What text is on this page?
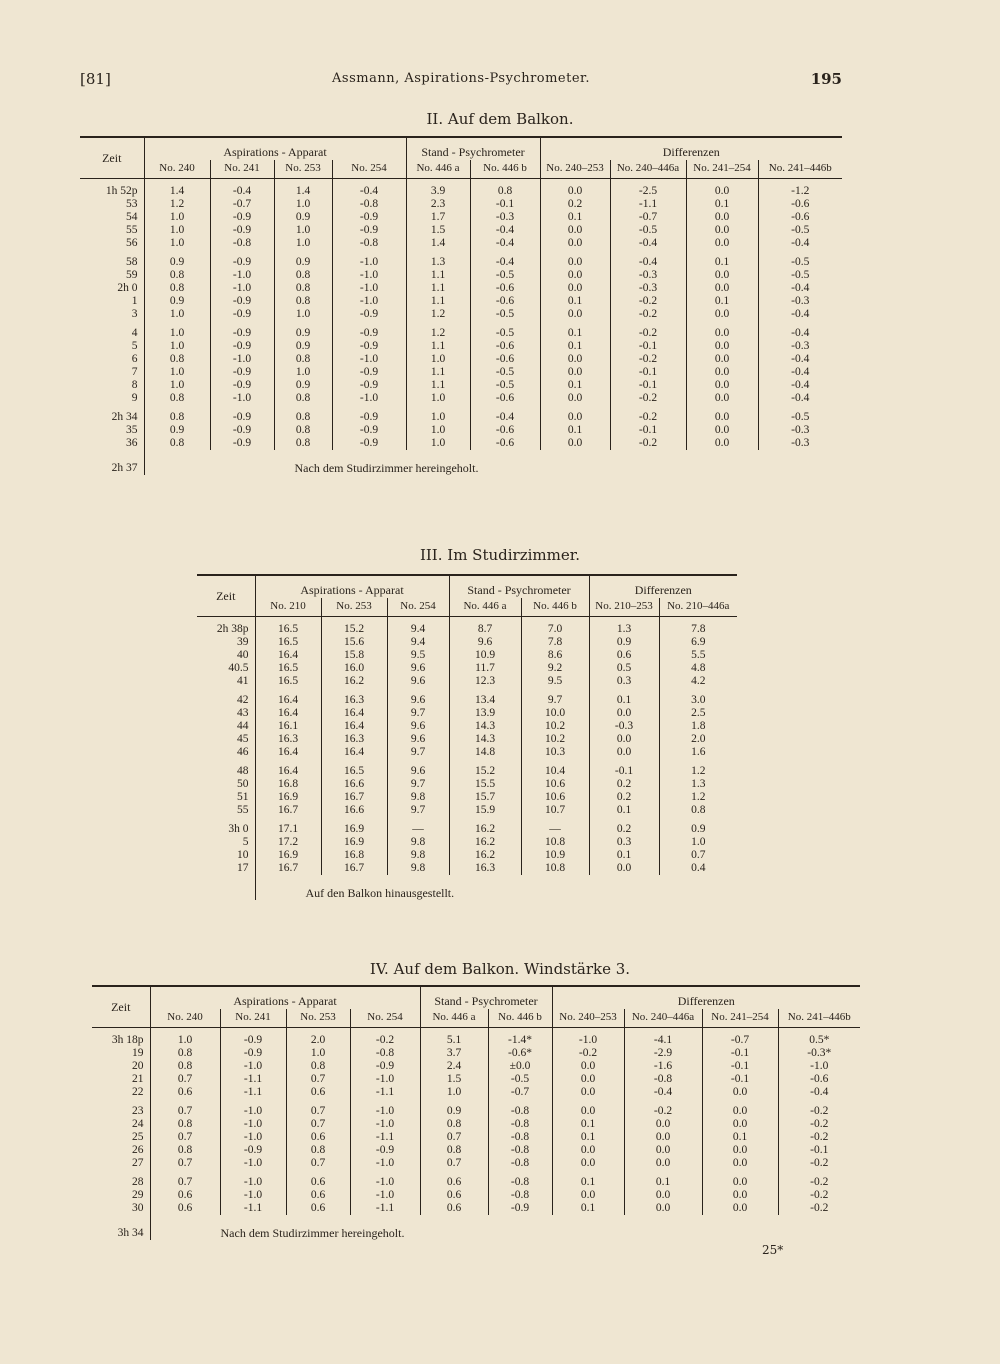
[81]	Assmann, Aspirations-Psychrometer.	195
II. Auf dem Balkon.
Zeit	Aspirations - Apparat				Stand - Psychrometer		Differenzen			
	No. 240	No. 241	No. 253	No. 254	No. 446 a	No. 446 b	No. 240–253	No. 240–446a	No. 241–254	No. 241–446b

1h 52p	1.4	-0.4	1.4	-0.4	3.9	0.8	0.0	-2.5	0.0	-1.2
53	1.2	-0.7	1.0	-0.8	2.3	-0.1	0.2	-1.1	0.1	-0.6
54	1.0	-0.9	0.9	-0.9	1.7	-0.3	0.1	-0.7	0.0	-0.6
55	1.0	-0.9	1.0	-0.9	1.5	-0.4	0.0	-0.5	0.0	-0.5
56	1.0	-0.8	1.0	-0.8	1.4	-0.4	0.0	-0.4	0.0	-0.4

58	0.9	-0.9	0.9	-1.0	1.3	-0.4	0.0	-0.4	0.1	-0.5
59	0.8	-1.0	0.8	-1.0	1.1	-0.5	0.0	-0.3	0.0	-0.5
2h 0	0.8	-1.0	0.8	-1.0	1.1	-0.6	0.0	-0.3	0.0	-0.4
1	0.9	-0.9	0.8	-1.0	1.1	-0.6	0.1	-0.2	0.1	-0.3
3	1.0	-0.9	1.0	-0.9	1.2	-0.5	0.0	-0.2	0.0	-0.4

4	1.0	-0.9	0.9	-0.9	1.2	-0.5	0.1	-0.2	0.0	-0.4
5	1.0	-0.9	0.9	-0.9	1.1	-0.6	0.1	-0.1	0.0	-0.3
6	0.8	-1.0	0.8	-1.0	1.0	-0.6	0.0	-0.2	0.0	-0.4
7	1.0	-0.9	1.0	-0.9	1.1	-0.5	0.0	-0.1	0.0	-0.4
8	1.0	-0.9	0.9	-0.9	1.1	-0.5	0.1	-0.1	0.0	-0.4
9	0.8	-1.0	0.8	-1.0	1.0	-0.6	0.0	-0.2	0.0	-0.4

2h 34	0.8	-0.9	0.8	-0.9	1.0	-0.4	0.0	-0.2	0.0	-0.5
35	0.9	-0.9	0.8	-0.9	1.0	-0.6	0.1	-0.1	0.0	-0.3
36	0.8	-0.9	0.8	-0.9	1.0	-0.6	0.0	-0.2	0.0	-0.3
2h 37	Nach dem Studirzimmer hereingeholt.									
III. Im Studirzimmer.
Zeit	Aspirations - Apparat			Stand - Psychrometer		Differenzen	
	No. 210	No. 253	No. 254	No. 446 a	No. 446 b	No. 210–253	No. 210–446a

2h 38p	16.5	15.2	9.4	8.7	7.0	1.3	7.8
39	16.5	15.6	9.4	9.6	7.8	0.9	6.9
40	16.4	15.8	9.5	10.9	8.6	0.6	5.5
40.5	16.5	16.0	9.6	11.7	9.2	0.5	4.8
41	16.5	16.2	9.6	12.3	9.5	0.3	4.2

42	16.4	16.3	9.6	13.4	9.7	0.1	3.0
43	16.4	16.4	9.7	13.9	10.0	0.0	2.5
44	16.1	16.4	9.6	14.3	10.2	-0.3	1.8
45	16.3	16.3	9.6	14.3	10.2	0.0	2.0
46	16.4	16.4	9.7	14.8	10.3	0.0	1.6

48	16.4	16.5	9.6	15.2	10.4	-0.1	1.2
50	16.8	16.6	9.7	15.5	10.6	0.2	1.3
51	16.9	16.7	9.8	15.7	10.6	0.2	1.2
55	16.7	16.6	9.7	15.9	10.7	0.1	0.8

3h 0	17.1	16.9	—	16.2	—	0.2	0.9
5	17.2	16.9	9.8	16.2	10.8	0.3	1.0
10	16.9	16.8	9.8	16.2	10.9	0.1	0.7
17	16.7	16.7	9.8	16.3	10.8	0.0	0.4
	Auf den Balkon hinausgestellt.						
IV. Auf dem Balkon. Windstärke 3.
Zeit	Aspirations - Apparat				Stand - Psychrometer		Differenzen			
	No. 240	No. 241	No. 253	No. 254	No. 446 a	No. 446 b	No. 240–253	No. 240–446a	No. 241–254	No. 241–446b

3h 18p	1.0	-0.9	2.0	-0.2	5.1	-1.4*	-1.0	-4.1	-0.7	0.5*
19	0.8	-0.9	1.0	-0.8	3.7	-0.6*	-0.2	-2.9	-0.1	-0.3*
20	0.8	-1.0	0.8	-0.9	2.4	±0.0	0.0	-1.6	-0.1	-1.0
21	0.7	-1.1	0.7	-1.0	1.5	-0.5	0.0	-0.8	-0.1	-0.6
22	0.6	-1.1	0.6	-1.1	1.0	-0.7	0.0	-0.4	0.0	-0.4

23	0.7	-1.0	0.7	-1.0	0.9	-0.8	0.0	-0.2	0.0	-0.2
24	0.8	-1.0	0.7	-1.0	0.8	-0.8	0.1	0.0	0.0	-0.2
25	0.7	-1.0	0.6	-1.1	0.7	-0.8	0.1	0.0	0.1	-0.2
26	0.8	-0.9	0.8	-0.9	0.8	-0.8	0.0	0.0	0.0	-0.1
27	0.7	-1.0	0.7	-1.0	0.7	-0.8	0.0	0.0	0.0	-0.2

28	0.7	-1.0	0.6	-1.0	0.6	-0.8	0.1	0.1	0.0	-0.2
29	0.6	-1.0	0.6	-1.0	0.6	-0.8	0.0	0.0	0.0	-0.2
30	0.6	-1.1	0.6	-1.1	0.6	-0.9	0.1	0.0	0.0	-0.2
3h 34	Nach dem Studirzimmer hereingeholt.									
25*
